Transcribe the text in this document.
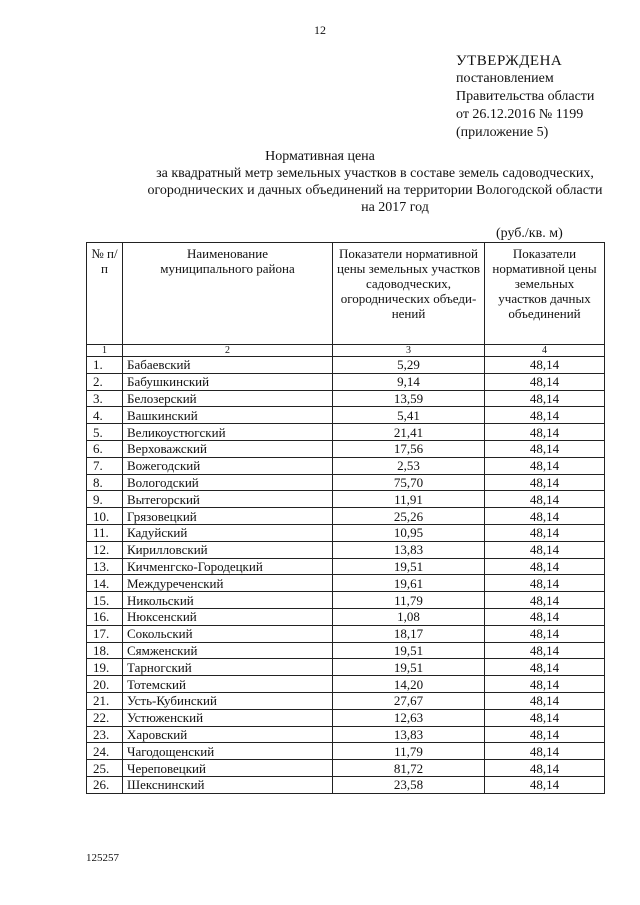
12
УТВЕРЖДЕНА
постановлением
Правительства области
от 26.12.2016 № 1199
(приложение 5)
Нормативная цена
за квадратный метр земельных участков в составе земель садоводческих,
огороднических и дачных объединений на территории Вологодской области
на 2017 год
(руб./кв. м)
№ п/п	Наименование муниципального района	Показатели нормативной цены земельных участков садоводческих, огороднических объеди-нений	Показатели нормативной цены земельных участков дачных объединений
1	2	3	4
1.	Бабаевский	5,29	48,14
2.	Бабушкинский	9,14	48,14
3.	Белозерский	13,59	48,14
4.	Вашкинский	5,41	48,14
5.	Великоустюгский	21,41	48,14
6.	Верховажский	17,56	48,14
7.	Вожегодский	2,53	48,14
8.	Вологодский	75,70	48,14
9.	Вытегорский	11,91	48,14
10.	Грязовецкий	25,26	48,14
11.	Кадуйский	10,95	48,14
12.	Кирилловский	13,83	48,14
13.	Кичменгско-Городецкий	19,51	48,14
14.	Междуреченский	19,61	48,14
15.	Никольский	11,79	48,14
16.	Нюксенский	1,08	48,14
17.	Сокольский	18,17	48,14
18.	Сямженский	19,51	48,14
19.	Тарногский	19,51	48,14
20.	Тотемский	14,20	48,14
21.	Усть-Кубинский	27,67	48,14
22.	Устюженский	12,63	48,14
23.	Харовский	13,83	48,14
24.	Чагодощенский	11,79	48,14
25.	Череповецкий	81,72	48,14
26.	Шекснинский	23,58	48,14
125257
